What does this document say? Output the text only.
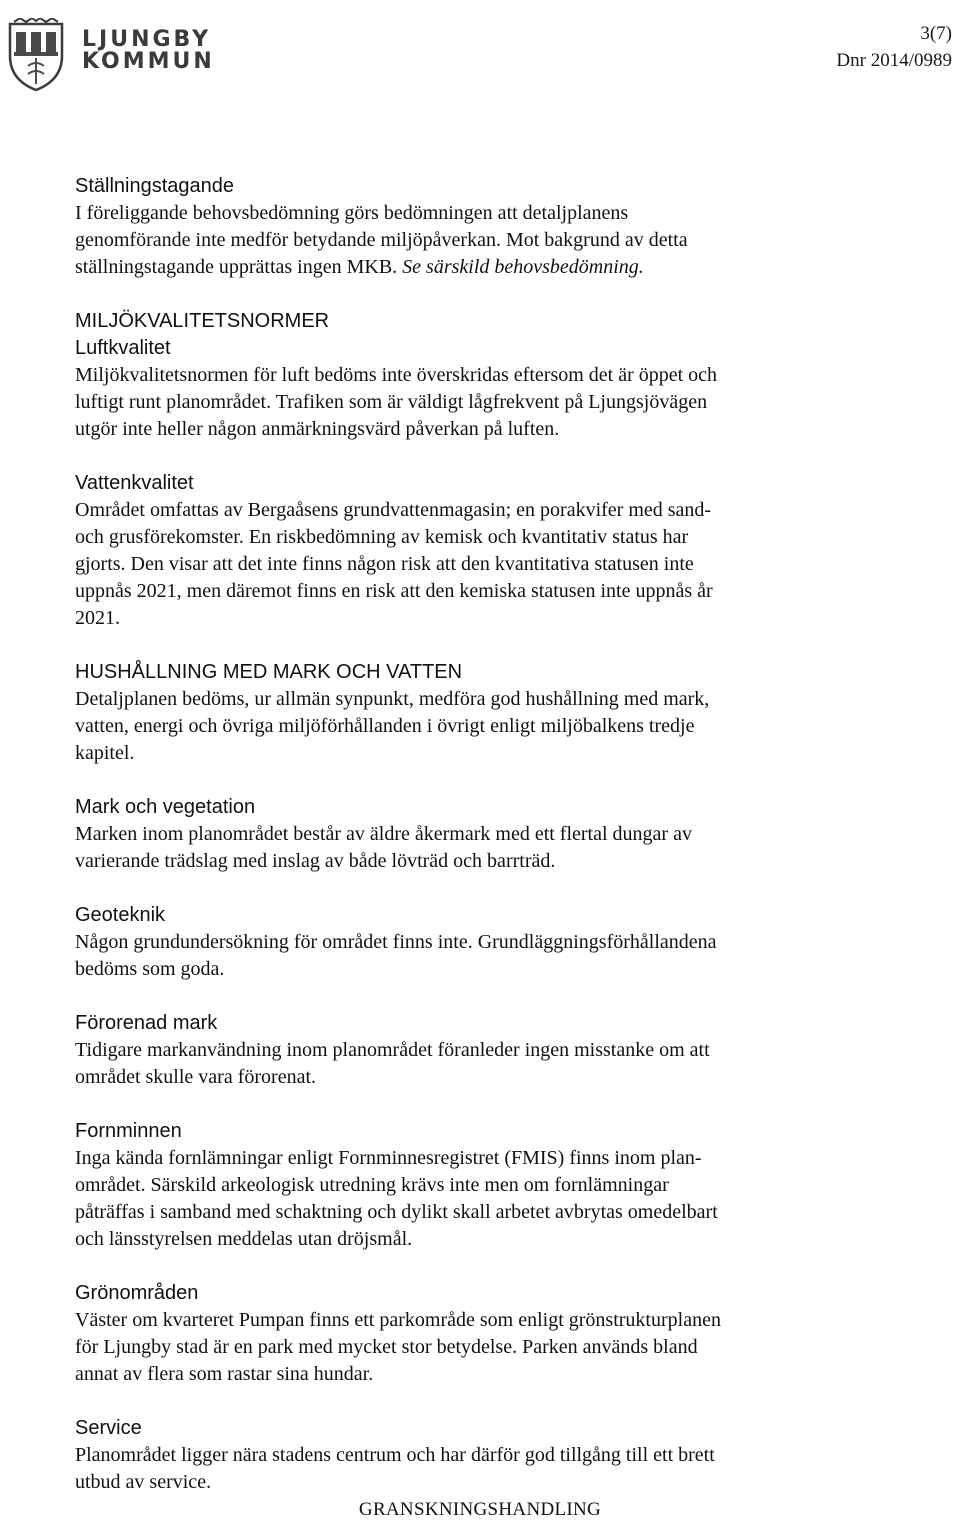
LJUNGBY
KOMMUN
3(7)
Dnr 2014/0989
Ställningstagande
I föreliggande behovsbedömning görs bedömningen att detaljplanens
genomförande inte medför betydande miljöpåverkan. Mot bakgrund av detta
ställningstagande upprättas ingen MKB. Se särskild behovsbedömning.
MILJÖKVALITETSNORMER
Luftkvalitet
Miljökvalitetsnormen för luft bedöms inte överskridas eftersom det är öppet och
luftigt runt planområdet. Trafiken som är väldigt lågfrekvent på Ljungsjövägen
utgör inte heller någon anmärkningsvärd påverkan på luften.
Vattenkvalitet
Området omfattas av Bergaåsens grundvattenmagasin; en porakvifer med sand-
och grusförekomster. En riskbedömning av kemisk och kvantitativ status har
gjorts. Den visar att det inte finns någon risk att den kvantitativa statusen inte
uppnås 2021, men däremot finns en risk att den kemiska statusen inte uppnås år
2021.
HUSHÅLLNING MED MARK OCH VATTEN
Detaljplanen bedöms, ur allmän synpunkt, medföra god hushållning med mark,
vatten, energi och övriga miljöförhållanden i övrigt enligt miljöbalkens tredje
kapitel.
Mark och vegetation
Marken inom planområdet består av äldre åkermark med ett flertal dungar av
varierande trädslag med inslag av både lövträd och barrträd.
Geoteknik
Någon grundundersökning för området finns inte. Grundläggningsförhållandena
bedöms som goda.
Förorenad mark
Tidigare markanvändning inom planområdet föranleder ingen misstanke om att
området skulle vara förorenat.
Fornminnen
Inga kända fornlämningar enligt Fornminnesregistret (FMIS) finns inom plan-
området. Särskild arkeologisk utredning krävs inte men om fornlämningar
påträffas i samband med schaktning och dylikt skall arbetet avbrytas omedelbart
och länsstyrelsen meddelas utan dröjsmål.
Grönområden
Väster om kvarteret Pumpan finns ett parkområde som enligt grönstrukturplanen
för Ljungby stad är en park med mycket stor betydelse. Parken används bland
annat av flera som rastar sina hundar.
Service
Planområdet ligger nära stadens centrum och har därför god tillgång till ett brett
utbud av service.
GRANSKNINGSHANDLING
